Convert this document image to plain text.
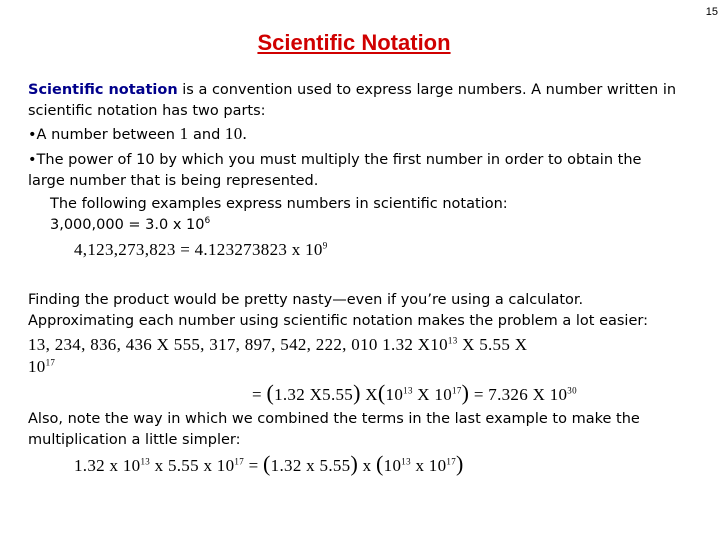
15
Scientific Notation
Scientific notation is a convention used to express large numbers. A number written in
scientific notation has two parts:
•A number between 1 and 10.
•The power of 10 by which you must multiply the first number in order to obtain the
large number that is being represented.
The following examples express numbers in scientific notation:
3,000,000 = 3.0 x $10^6$
4,123,273,823 = 4.123273823 x $10^9$
Finding the product would be pretty nasty—even if you’re using a calculator.
Approximating each number using scientific notation makes the problem a lot easier:
13, 234, 836, 436 X 555, 317, 897, 542, 222, 010 1.32 $X10^{13}$ X 5.55 X
$10^{17}$
= (1.32 X5.55) $X(10^{13}$ X $10^{17}) = 7.326$ X $10^{30}$
Also, note the way in which we combined the terms in the last example to make the
multiplication a little simpler:
1.32 x $10^{13}$ x 5.55 x $10^{17} = (1.32$ x 5.55) x ($10^{13}$ x $10^{17}$)
